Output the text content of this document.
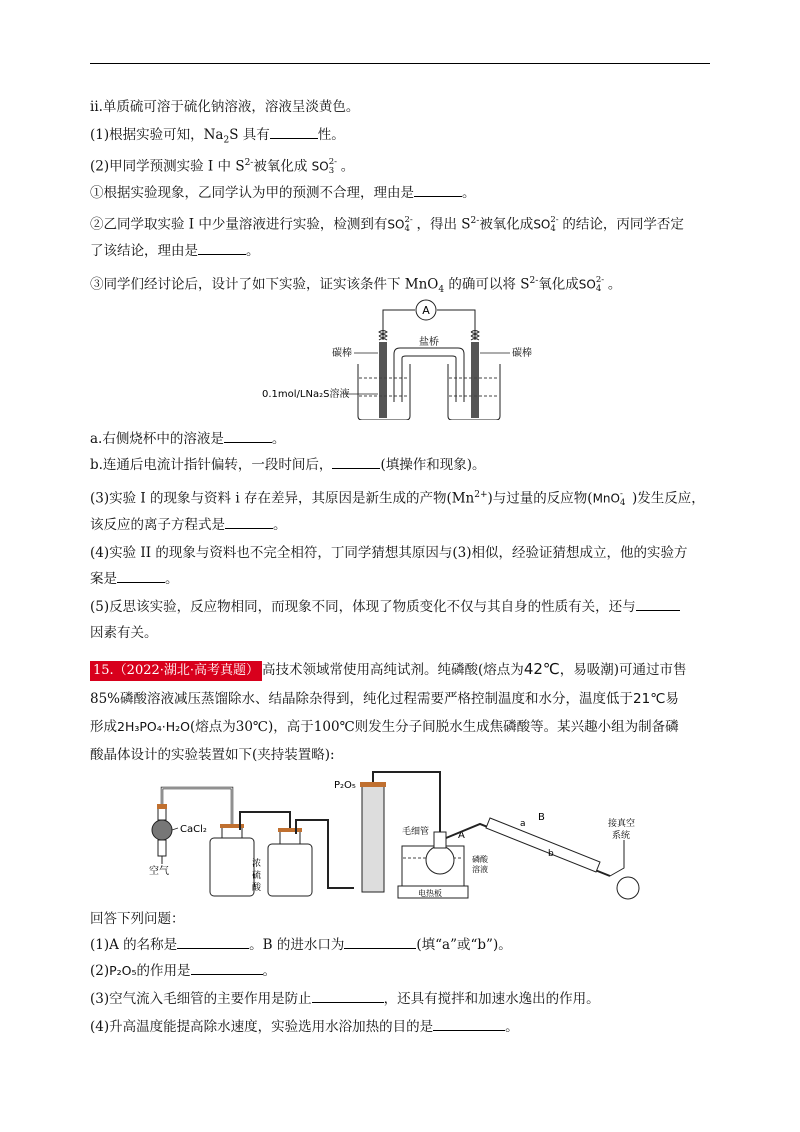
ii.单质硫可溶于硫化钠溶液，溶液呈淡黄色。
(1)根据实验可知，$Na_2S$ 具有	性。
(2)甲同学预测实验 I 中 $S^{2-}$被氧化成 SO 2-
3 。
①根据实验现象，乙同学认为甲的预测不合理，理由是	。
②乙同学取实验 I 中少量溶液进行实验，检测到有SO 2-
4 ，得出 $S^{2-}$被氧化成SO 2-
4 的结论，丙同学否定
了该结论，理由是	。
③同学们经讨论后，设计了如下实验，证实该条件下 MnO$_4$ 的确可以将 $S^{2-}$氧化成SO 2-
4 。
A
盐桥
碳棒	碳棒
0.1mol/LNa₂S溶液
a.右侧烧杯中的溶液是	。
b.连通后电流计指针偏转，一段时间后，	(填操作和现象)。
(3)实验 I 的现象与资料 ⅰ 存在差异，其原因是新生成的产物$(Mn^{2+})$与过量的反应物(MnO -
4 )发生反应，
该反应的离子方程式是	。
(4)实验 II 的现象与资料也不完全相符，丁同学猜想其原因与(3)相似，经验证猜想成立，他的实验方
案是	。
(5)反思该实验，反应物相同，而现象不同，体现了物质变化不仅与其自身的性质有关，还与
因素有关。
15.（2022·湖北·高考真题） 高技术领域常使用高纯试剂。纯磷酸(熔点为42℃，易吸潮)可通过市售
85%磷酸溶液减压蒸馏除水、结晶除杂得到，纯化过程需要严格控制温度和水分，温度低于21℃易
形成2H₃PO₄·H₂O(熔点为30℃)，高于100℃则发生分子间脱水生成焦磷酸等。某兴趣小组为制备磷
酸晶体设计的实验装置如下(夹持装置略):
CaCl₂
空气
浓
硫
酸
P₂O₅
毛细管	A
磷酸
溶液
电热板
B
a
b
接真空
系统
回答下列问题：
(1)A 的名称是	。B 的进水口为	(填“a”或“b”)。
(2)P₂O₅的作用是	。
(3)空气流入毛细管的主要作用是防止	，还具有搅拌和加速水逸出的作用。
(4)升高温度能提高除水速度，实验选用水浴加热的目的是	。
